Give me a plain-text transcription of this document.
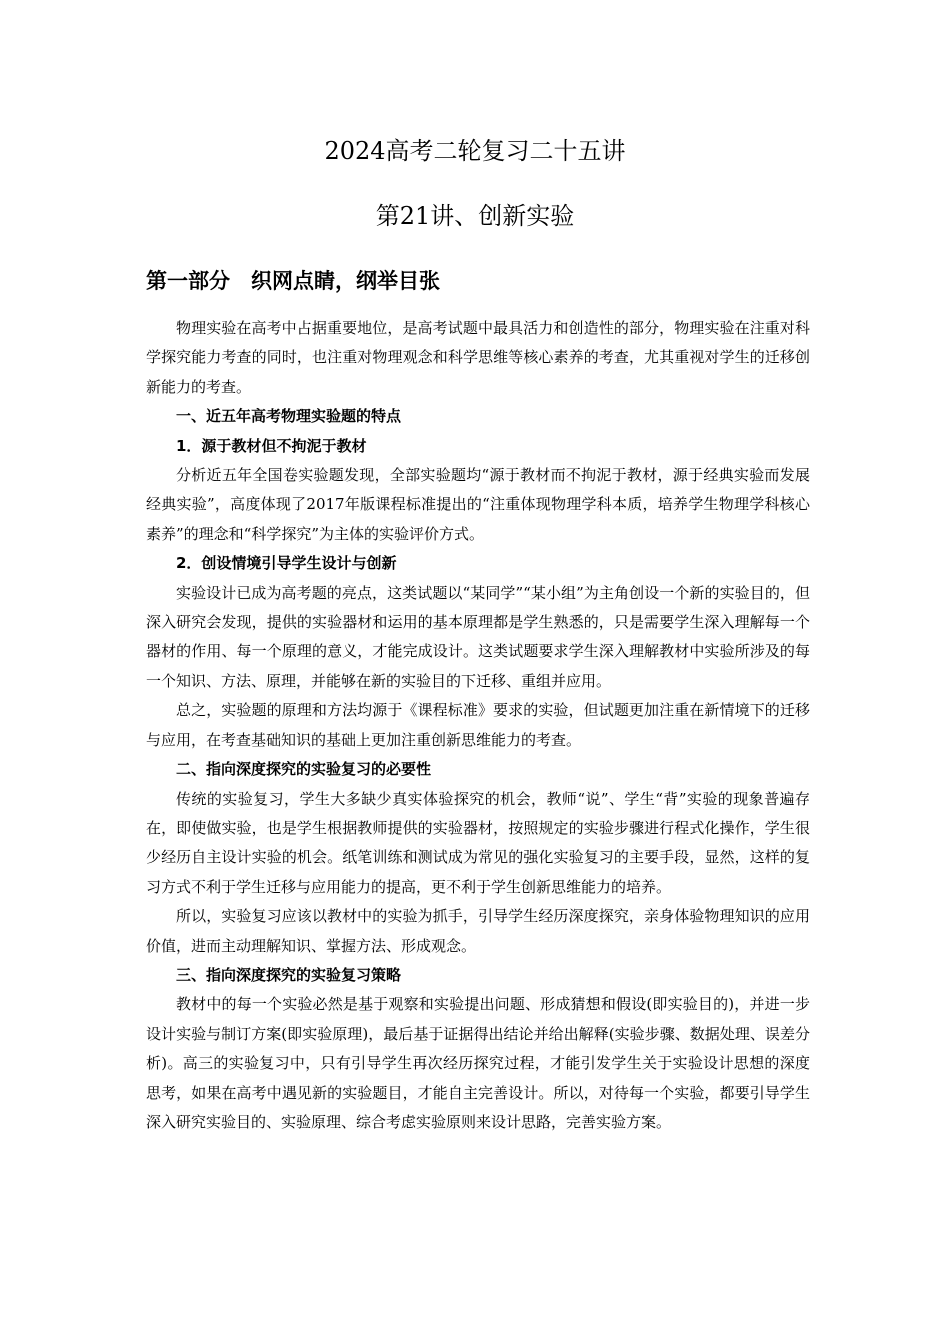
2024高考二轮复习二十五讲
第21讲、创新实验
第一部分　织网点睛，纲举目张

物理实验在高考中占据重要地位，是高考试题中最具活力和创造性的部分，物理实验在注重对科学探究能力考查的同时，也注重对物理观念和科学思维等核心素养的考查，尤其重视对学生的迁移创新能力的考查。

一、近五年高考物理实验题的特点
1．源于教材但不拘泥于教材

分析近五年全国卷实验题发现，全部实验题均“源于教材而不拘泥于教材，源于经典实验而发展经典实验”，高度体现了2017年版课程标准提出的“注重体现物理学科本质，培养学生物理学科核心素养”的理念和“科学探究”为主体的实验评价方式。

2．创设情境引导学生设计与创新

实验设计已成为高考题的亮点，这类试题以“某同学”“某小组”为主角创设一个新的实验目的，但深入研究会发现，提供的实验器材和运用的基本原理都是学生熟悉的，只是需要学生深入理解每一个器材的作用、每一个原理的意义，才能完成设计。这类试题要求学生深入理解教材中实验所涉及的每一个知识、方法、原理，并能够在新的实验目的下迁移、重组并应用。

总之，实验题的原理和方法均源于《课程标准》要求的实验，但试题更加注重在新情境下的迁移与应用，在考查基础知识的基础上更加注重创新思维能力的考查。

二、指向深度探究的实验复习的必要性

传统的实验复习，学生大多缺少真实体验探究的机会，教师“说”、学生“背”实验的现象普遍存在，即使做实验，也是学生根据教师提供的实验器材，按照规定的实验步骤进行程式化操作，学生很少经历自主设计实验的机会。纸笔训练和测试成为常见的强化实验复习的主要手段，显然，这样的复习方式不利于学生迁移与应用能力的提高，更不利于学生创新思维能力的培养。

所以，实验复习应该以教材中的实验为抓手，引导学生经历深度探究，亲身体验物理知识的应用价值，进而主动理解知识、掌握方法、形成观念。

三、指向深度探究的实验复习策略

教材中的每一个实验必然是基于观察和实验提出问题、形成猜想和假设(即实验目的)，并进一步设计实验与制订方案(即实验原理)，最后基于证据得出结论并给出解释(实验步骤、数据处理、误差分析)。高三的实验复习中，只有引导学生再次经历探究过程，才能引发学生关于实验设计思想的深度思考，如果在高考中遇见新的实验题目，才能自主完善设计。所以，对待每一个实验，都要引导学生深入研究实验目的、实验原理、综合考虑实验原则来设计思路，完善实验方案。
